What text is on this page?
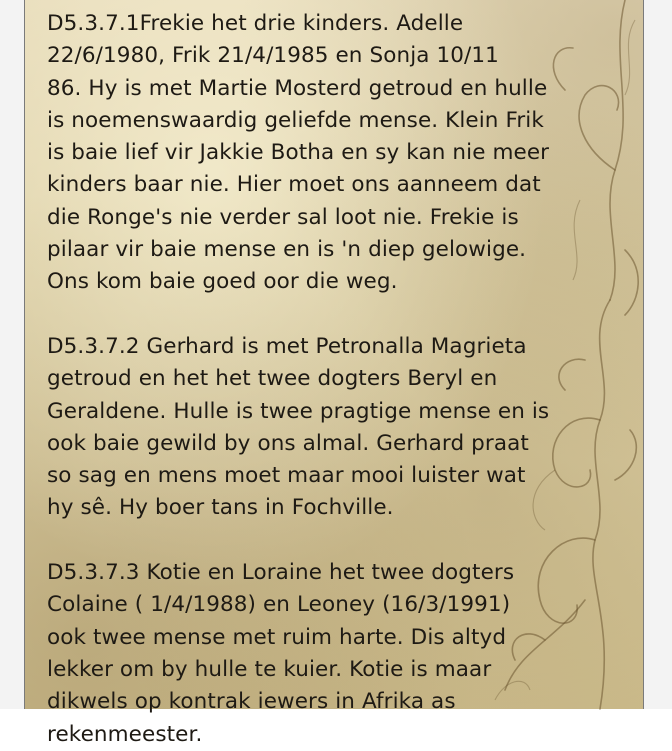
D5.3.7.1Frekie het drie kinders. Adelle
22/6/1980, Frik 21/4/1985 en Sonja 10/11
86. Hy is met Martie Mosterd getroud en hulle
is noemenswaardig geliefde mense. Klein Frik
is baie lief vir Jakkie Botha en sy kan nie meer
kinders baar nie. Hier moet ons aanneem dat
die Ronge's nie verder sal loot nie. Frekie is
pilaar vir baie mense en is 'n diep gelowige.
Ons kom baie goed oor die weg.

D5.3.7.2 Gerhard is met Petronalla Magrieta
getroud en het het twee dogters Beryl en
Geraldene. Hulle is twee pragtige mense en is
ook baie gewild by ons almal. Gerhard praat
so sag en mens moet maar mooi luister wat
hy sê. Hy boer tans in Fochville.

D5.3.7.3 Kotie en Loraine het twee dogters
Colaine ( 1/4/1988) en Leoney (16/3/1991)
ook twee mense met ruim harte. Dis altyd
lekker om by hulle te kuier. Kotie is maar
dikwels op kontrak iewers in Afrika as
rekenmeester.
